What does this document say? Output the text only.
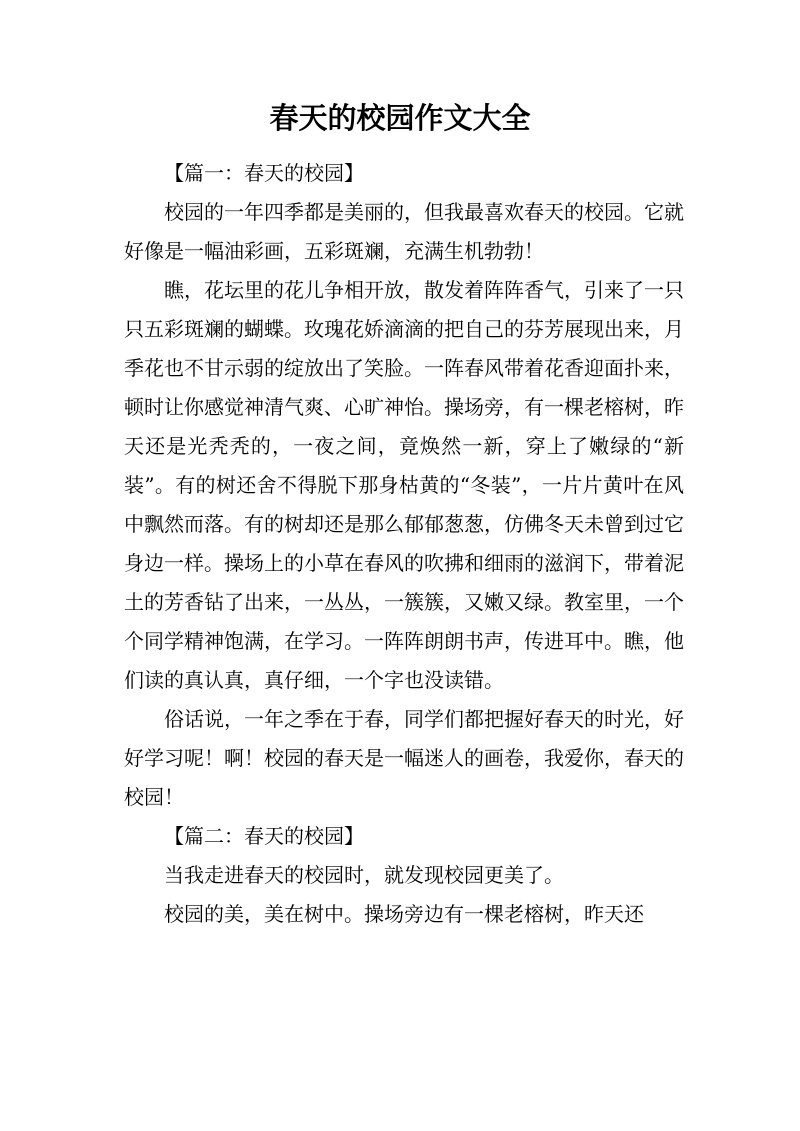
春天的校园作文大全

【篇一：春天的校园】

校园的一年四季都是美丽的，但我最喜欢春天的校园。它就好像是一幅油彩画，五彩斑斓，充满生机勃勃！

瞧，花坛里的花儿争相开放，散发着阵阵香气，引来了一只只五彩斑斓的蝴蝶。玫瑰花娇滴滴的把自己的芬芳展现出来，月季花也不甘示弱的绽放出了笑脸。一阵春风带着花香迎面扑来，顿时让你感觉神清气爽、心旷神怡。操场旁，有一棵老榕树，昨天还是光秃秃的，一夜之间，竟焕然一新，穿上了嫩绿的“新装”。有的树还舍不得脱下那身枯黄的“冬装”，一片片黄叶在风中飘然而落。有的树却还是那么郁郁葱葱，仿佛冬天未曾到过它身边一样。操场上的小草在春风的吹拂和细雨的滋润下，带着泥土的芳香钻了出来，一丛丛，一簇簇，又嫩又绿。教室里，一个个同学精神饱满，在学习。一阵阵朗朗书声，传进耳中。瞧，他们读的真认真，真仔细，一个字也没读错。

俗话说，一年之季在于春，同学们都把握好春天的时光，好好学习呢！啊！校园的春天是一幅迷人的画卷，我爱你，春天的校园！

【篇二：春天的校园】

当我走进春天的校园时，就发现校园更美了。

校园的美，美在树中。操场旁边有一棵老榕树，昨天还
